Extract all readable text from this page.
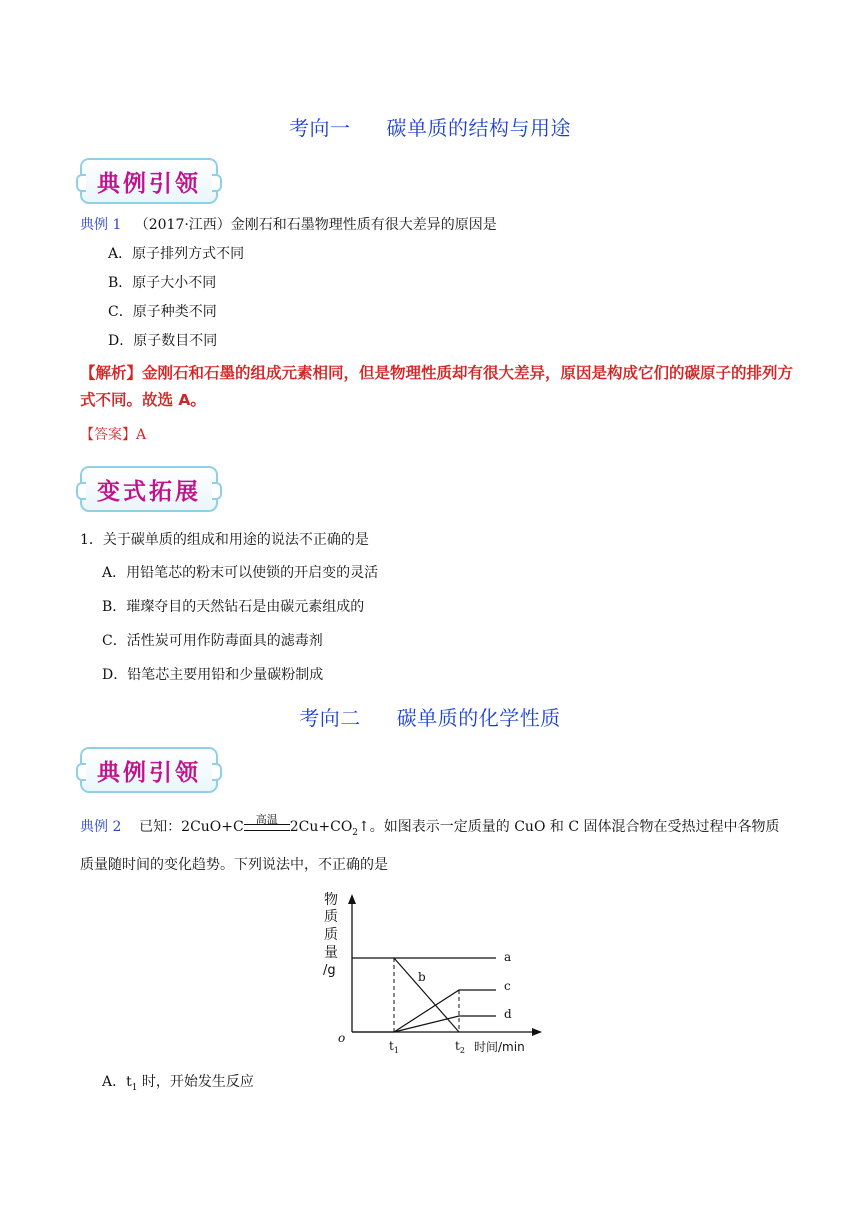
考向一 碳单质的结构与用途
典例引领
典例 1 （2017·江西）金刚石和石墨物理性质有很大差异的原因是
A．原子排列方式不同
B．原子大小不同
C．原子种类不同
D．原子数目不同
【解析】金刚石和石墨的组成元素相同，但是物理性质却有很大差异，原因是构成它们的碳原子的排列方
式不同。故选 A。
【答案】A
变式拓展
1．关于碳单质的组成和用途的说法不正确的是
A．用铅笔芯的粉末可以使锁的开启变的灵活
B．璀璨夺目的天然钻石是由碳元素组成的
C．活性炭可用作防毒面具的滤毒剂
D．铅笔芯主要用铅和少量碳粉制成
考向二 碳单质的化学性质
典例引领
典例 2 已知：2CuO+C	高温 $2Cu+CO_2↑$。如图表示一定质量的 CuO 和 C 固体混合物在受热过程中各物质
质量随时间的变化趋势。下列说法中，不正确的是
物
质
质
量
/g
a
b
c
d
o
$t_1$	$t_2$ 时间/min
A．$t_1$ 时，开始发生反应
